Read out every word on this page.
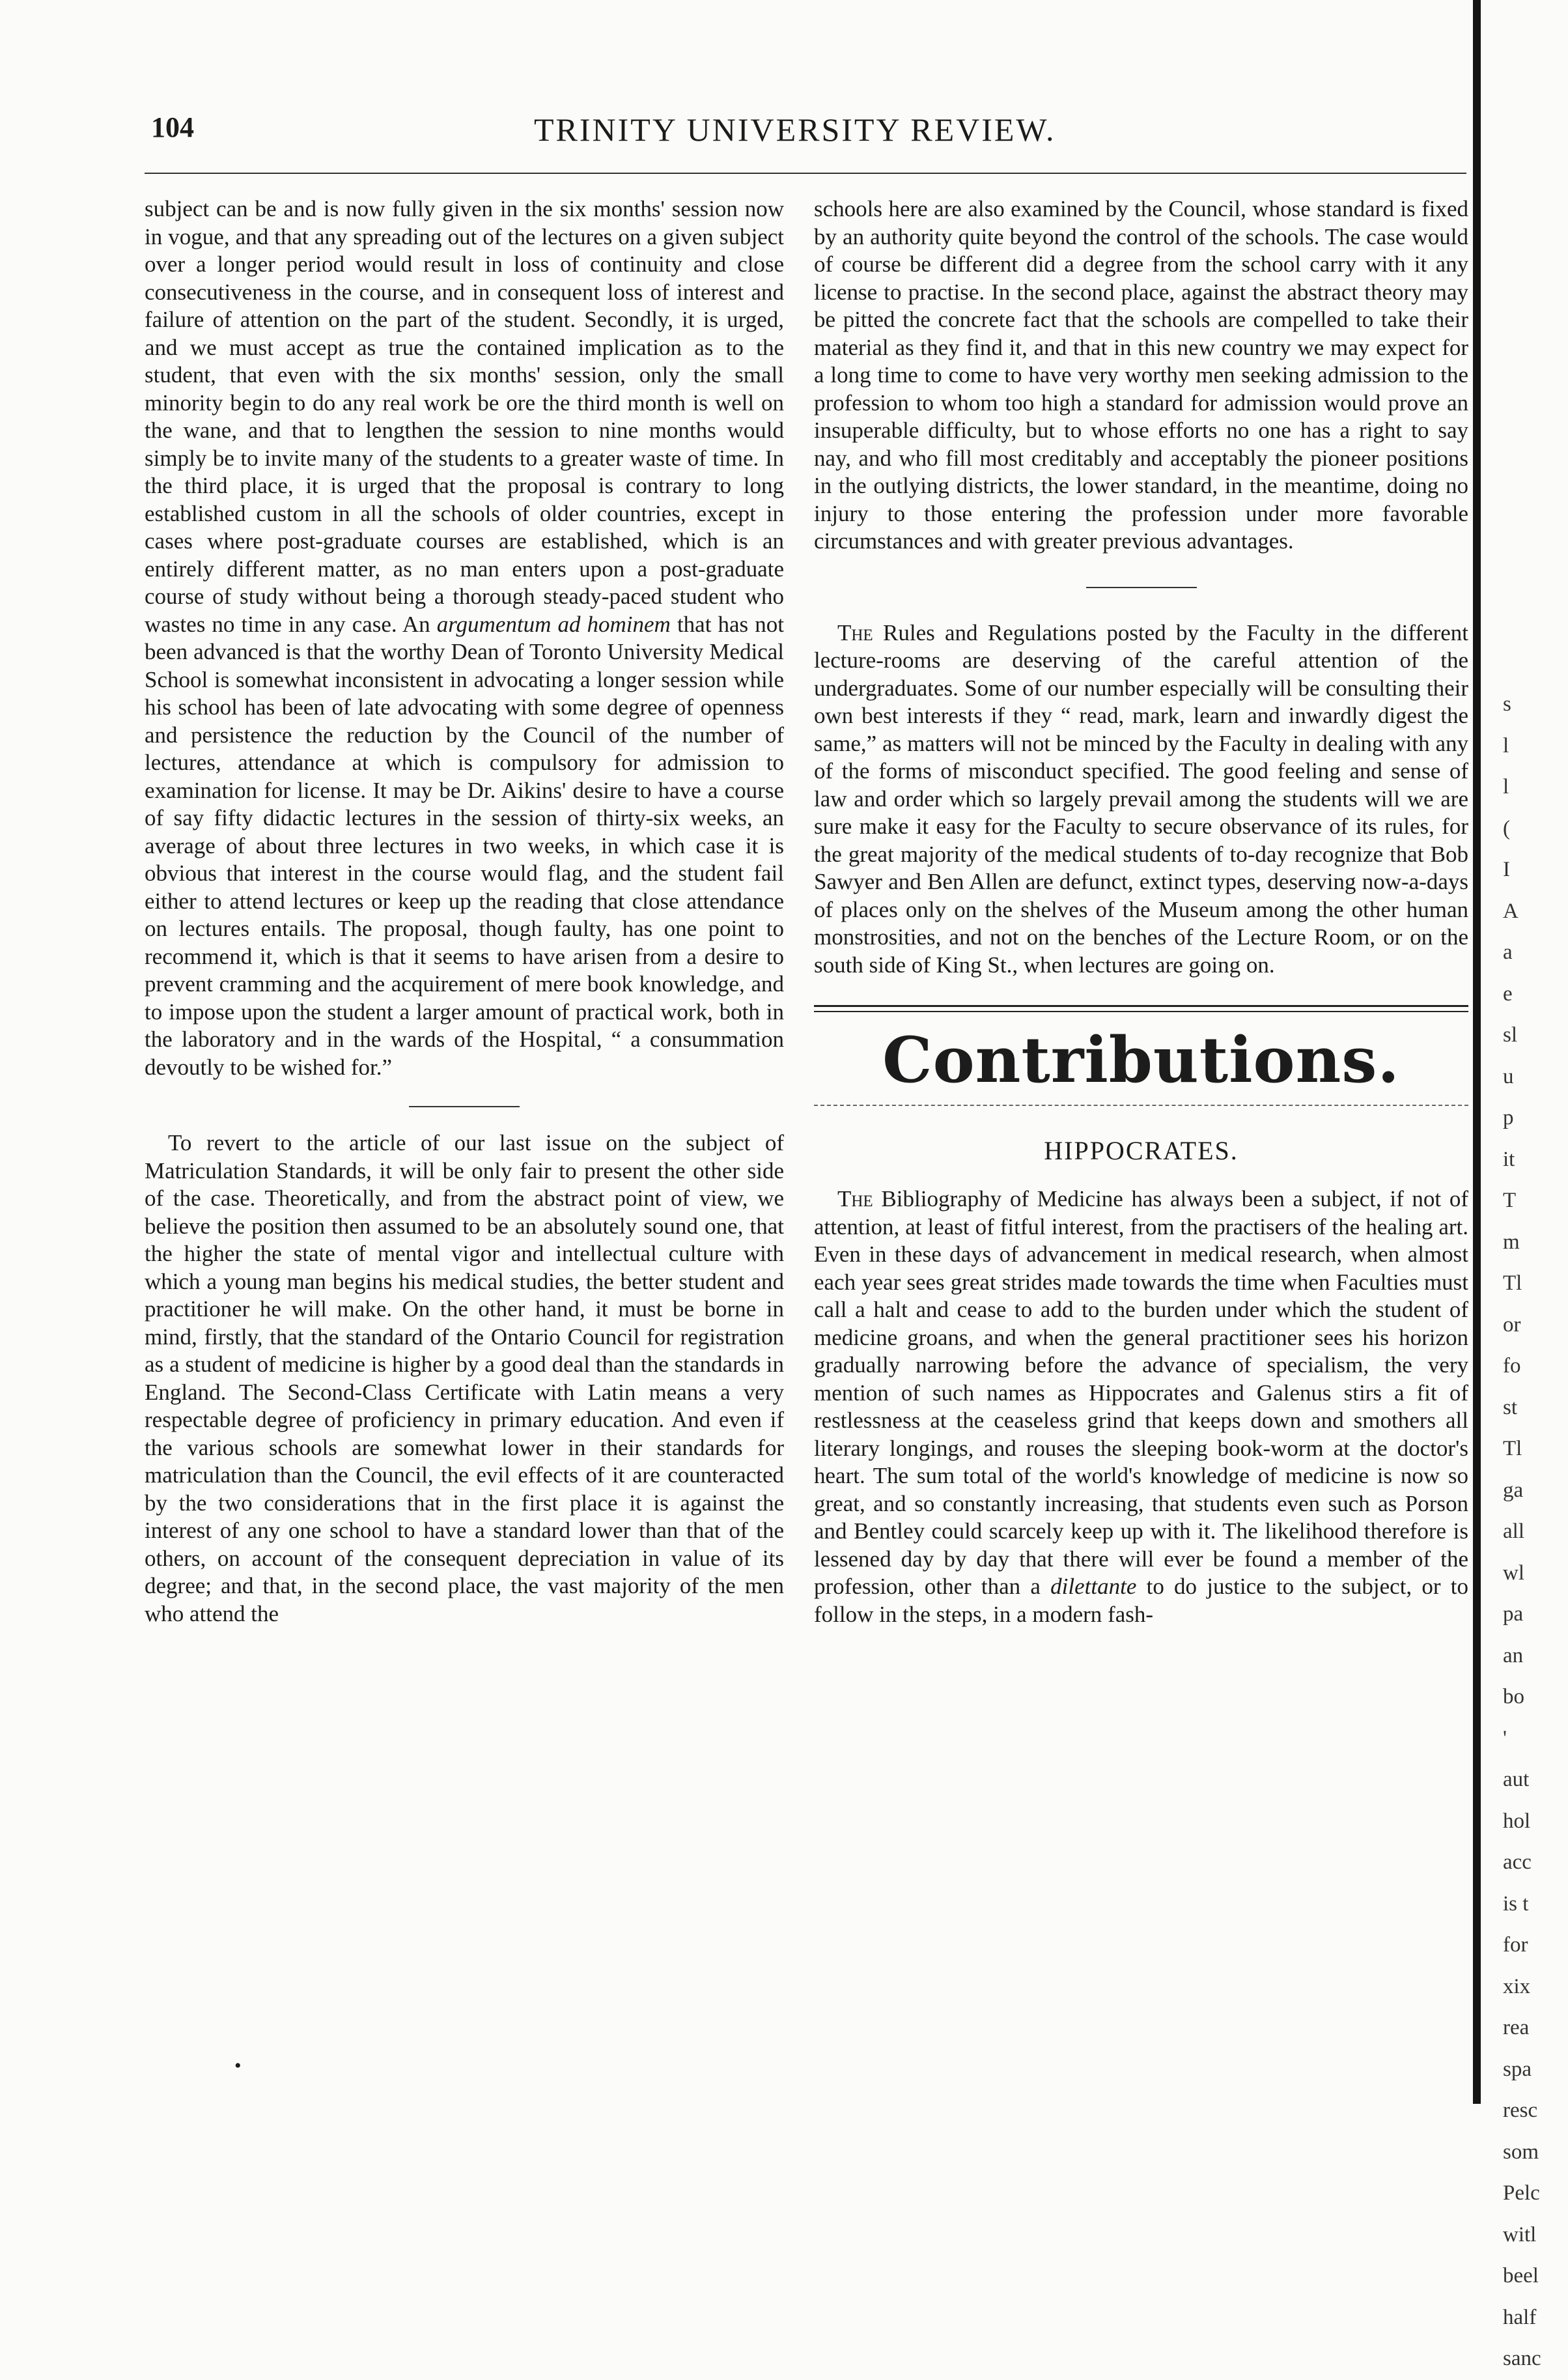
104	TRINITY UNIVERSITY REVIEW.

subject can be and is now fully given in the six months' session now in vogue, and that any spreading out of the lectures on a given subject over a longer period would result in loss of continuity and close consecutiveness in the course, and in consequent loss of interest and failure of attention on the part of the student. Secondly, it is urged, and we must accept as true the contained implication as to the student, that even with the six months' session, only the small minority begin to do any real work be ore the third month is well on the wane, and that to lengthen the session to nine months would simply be to invite many of the students to a greater waste of time. In the third place, it is urged that the proposal is contrary to long established custom in all the schools of older countries, except in cases where post-graduate courses are established, which is an entirely different matter, as no man enters upon a post-graduate course of study without being a thorough steady-paced student who wastes no time in any case. An argumentum ad hominem that has not been advanced is that the worthy Dean of Toronto University Medical School is somewhat inconsistent in advocating a longer session while his school has been of late advocating with some degree of openness and persistence the reduction by the Council of the number of lectures, attendance at which is compulsory for admission to examination for license. It may be Dr. Aikins' desire to have a course of say fifty didactic lectures in the session of thirty-six weeks, an average of about three lectures in two weeks, in which case it is obvious that interest in the course would flag, and the student fail either to attend lectures or keep up the reading that close attendance on lectures entails. The proposal, though faulty, has one point to recommend it, which is that it seems to have arisen from a desire to prevent cramming and the acquirement of mere book knowledge, and to impose upon the student a larger amount of practical work, both in the laboratory and in the wards of the Hospital, “ a consummation devoutly to be wished for.”

To revert to the article of our last issue on the subject of Matriculation Standards, it will be only fair to present the other side of the case. Theoretically, and from the abstract point of view, we believe the position then assumed to be an absolutely sound one, that the higher the state of mental vigor and intellectual culture with which a young man begins his medical studies, the better student and practitioner he will make. On the other hand, it must be borne in mind, firstly, that the standard of the Ontario Council for registration as a student of medicine is higher by a good deal than the standards in England. The Second-Class Certificate with Latin means a very respectable degree of proficiency in primary education. And even if the various schools are somewhat lower in their standards for matriculation than the Council, the evil effects of it are counteracted by the two considerations that in the first place it is against the interest of any one school to have a standard lower than that of the others, on account of the consequent depreciation in value of its degree; and that, in the second place, the vast majority of the men who attend the

schools here are also examined by the Council, whose standard is fixed by an authority quite beyond the control of the schools. The case would of course be different did a degree from the school carry with it any license to practise. In the second place, against the abstract theory may be pitted the concrete fact that the schools are compelled to take their material as they find it, and that in this new country we may expect for a long time to come to have very worthy men seeking admission to the profession to whom too high a standard for admission would prove an insuperable difficulty, but to whose efforts no one has a right to say nay, and who fill most creditably and acceptably the pioneer positions in the outlying districts, the lower standard, in the meantime, doing no injury to those entering the profession under more favorable circumstances and with greater previous advantages.

The Rules and Regulations posted by the Faculty in the different lecture-rooms are deserving of the careful attention of the undergraduates. Some of our number especially will be consulting their own best interests if they “ read, mark, learn and inwardly digest the same,” as matters will not be minced by the Faculty in dealing with any of the forms of misconduct specified. The good feeling and sense of law and order which so largely prevail among the students will we are sure make it easy for the Faculty to secure observance of its rules, for the great majority of the medical students of to-day recognize that Bob Sawyer and Ben Allen are defunct, extinct types, deserving now-a-days of places only on the shelves of the Museum among the other human monstrosities, and not on the benches of the Lecture Room, or on the south side of King St., when lectures are going on.

Contributions.
HIPPOCRATES.

The Bibliography of Medicine has always been a subject, if not of attention, at least of fitful interest, from the practisers of the healing art. Even in these days of advancement in medical research, when almost each year sees great strides made towards the time when Faculties must call a halt and cease to add to the burden under which the student of medicine groans, and when the general practitioner sees his horizon gradually narrowing before the advance of specialism, the very mention of such names as Hippocrates and Galenus stirs a fit of restlessness at the ceaseless grind that keeps down and smothers all literary longings, and rouses the sleeping book-worm at the doctor's heart. The sum total of the world's knowledge of medicine is now so great, and so constantly increasing, that students even such as Porson and Bentley could scarcely keep up with it. The likelihood therefore is lessened day by day that there will ever be found a member of the profession, other than a dilettante to do justice to the subject, or to follow in the steps, in a modern fash-

s
l
l
(
I
A
a
e
sl
u
p
it
T
m
Tl
or
fo
st
Tl
ga
all
wl
pa
an
bo
'
aut
hol
acc
is t
for
xix
rea
spa
resc
som
Pelc
witl
beel
half
sanc
•
